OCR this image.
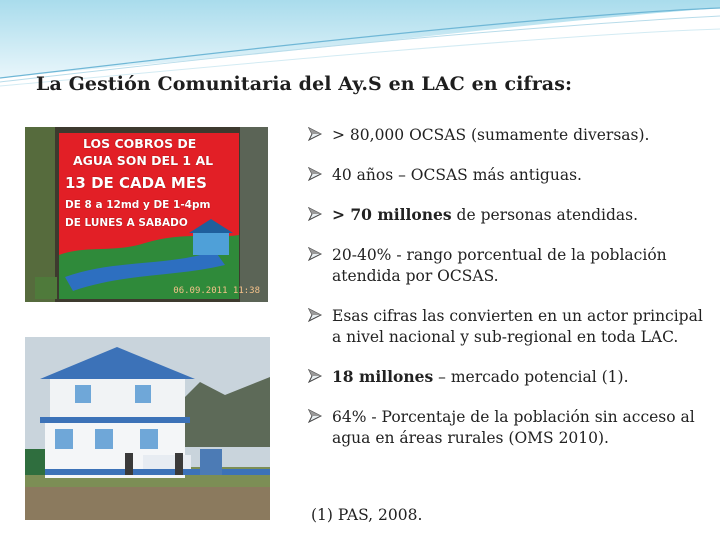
La Gestión Comunitaria del Ay.S en LAC en cifras:
LOS COBROS DE
AGUA SON DEL 1 AL
13 DE CADA MES
DE 8 a 12md y DE 1-4pm
DE LUNES A SABADO
06.09.2011 11:38
> 80,000 OCSAS (sumamente diversas).
40 años – OCSAS más antiguas.
> 70 millones de personas atendidas.
20-40% - rango porcentual de la población atendida por OCSAS.
Esas cifras las convierten en un actor principal a nivel nacional y sub-regional en toda LAC.
18 millones – mercado potencial (1).
64% - Porcentaje de la población sin acceso al agua en áreas rurales (OMS 2010).
(1) PAS, 2008.
